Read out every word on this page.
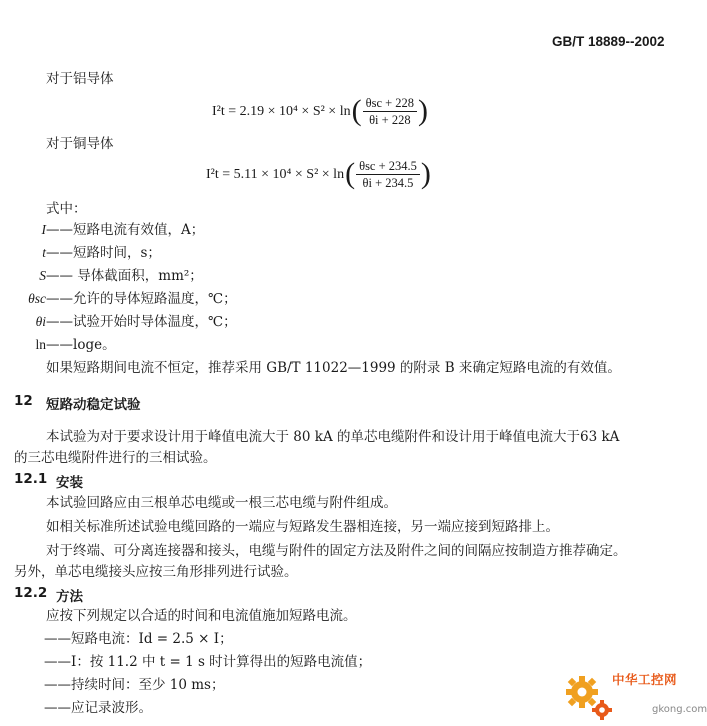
GB/T 18889--2002
对于铝导体
I²t = 2.19 × 10⁴ × S² × ln ( $\frac{\text{θsc + 228}}{\theta i + 228}$ )
对于铜导体
I²t = 5.11 × 10⁴ × S² × ln ( $\frac{\text{θsc + 234.5}}{\theta i + 234.5}$ )
式中：
I——短路电流有效值，A；
t——短路时间，s；
S—— 导体截面积，mm²；
θsc——允许的导体短路温度，℃；
θi——试验开始时导体温度，℃；
ln——loge。
如果短路期间电流不恒定，推荐采用 GB/T 11022—1999 的附录 B 来确定短路电流的有效值。
12 短路动稳定试验
本试验为对于要求设计用于峰值电流大于 80 kA 的单芯电缆附件和设计用于峰值电流大于63 kA
的三芯电缆附件进行的三相试验。
12.1 安装
本试验回路应由三根单芯电缆或一根三芯电缆与附件组成。
如相关标准所述试验电缆回路的一端应与短路发生器相连接，另一端应接到短路排上。
对于终端、可分离连接器和接头，电缆与附件的固定方法及附件之间的间隔应按制造方推荐确定。
另外，单芯电缆接头应按三角形排列进行试验。
12.2 方法
应按下列规定以合适的时间和电流值施加短路电流。
——短路电流：Id = 2.5 × I；
——I：按 11.2 中 t = 1 s 时计算得出的短路电流值；
——持续时间：至少 10 ms；
——应记录波形。
中华工控网
gkong.com
